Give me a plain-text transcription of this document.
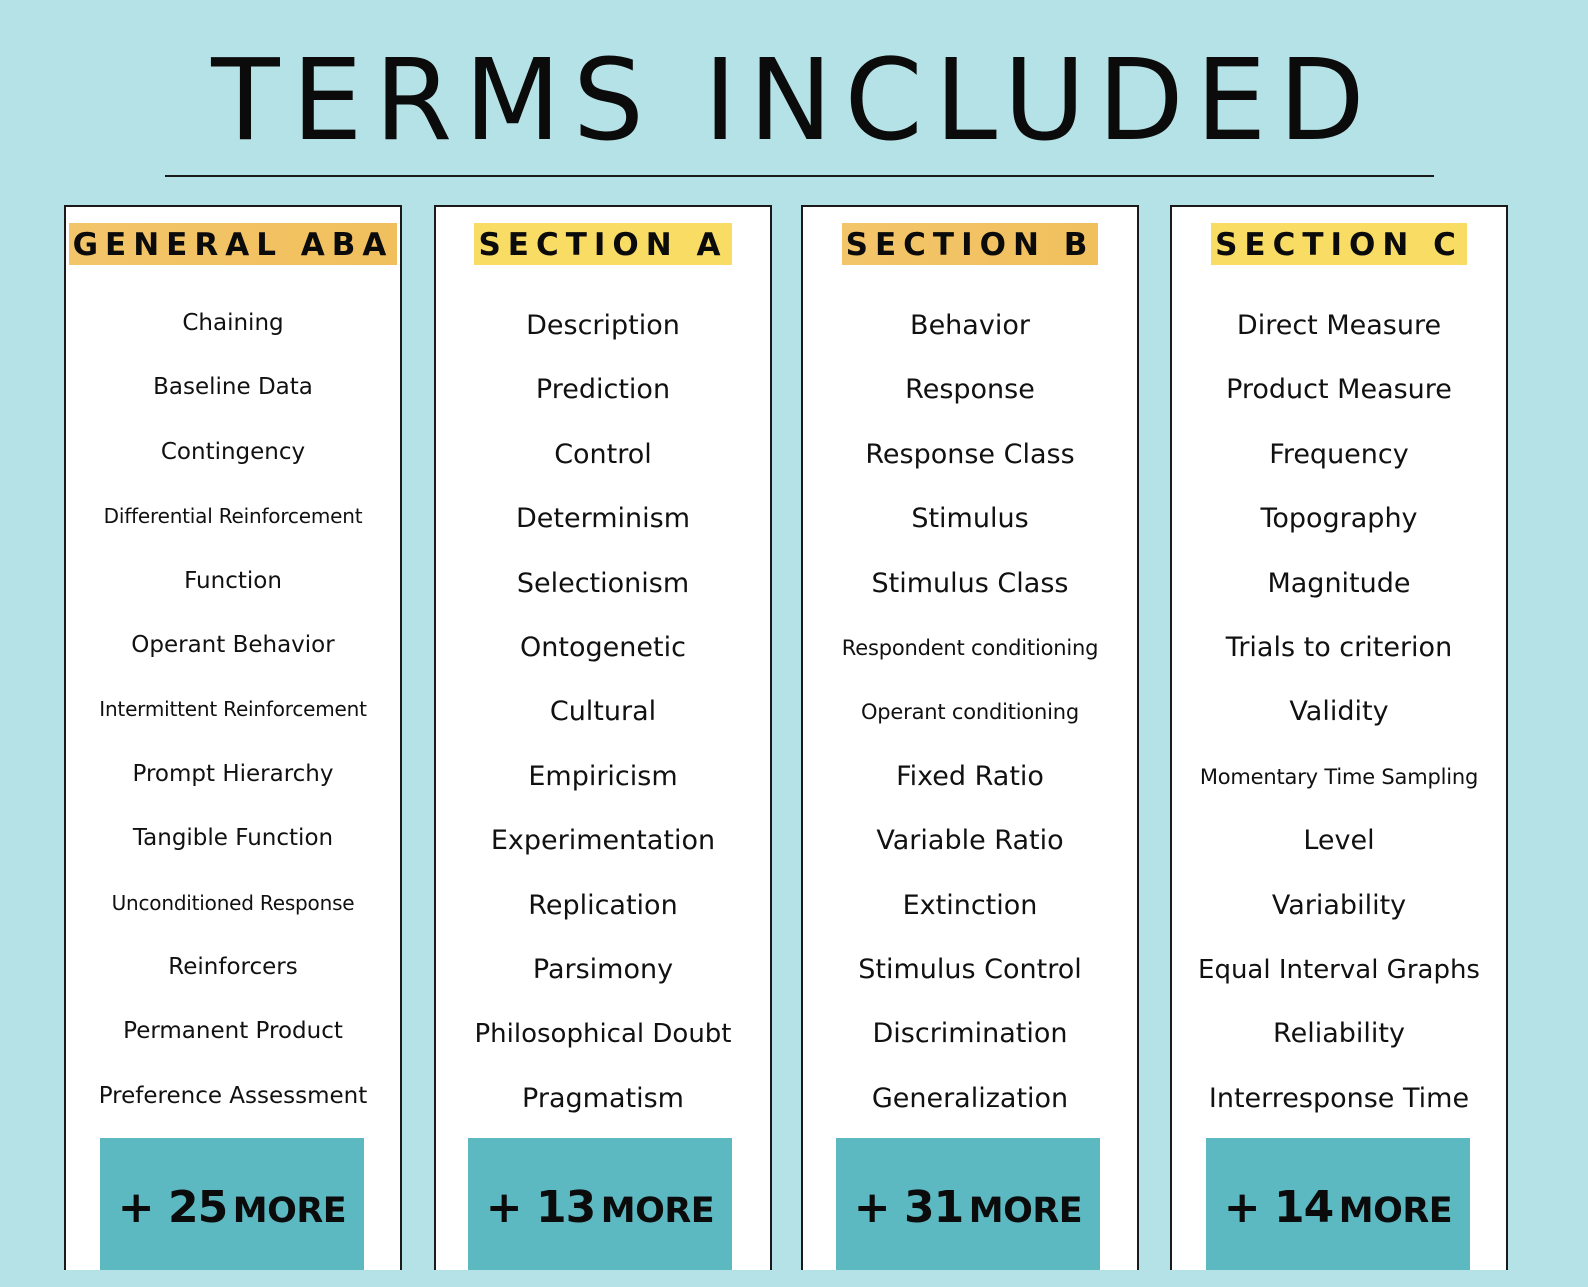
TERMS INCLUDED
GENERAL ABA
Chaining
Baseline Data
Contingency
Differential Reinforcement
Function
Operant Behavior
Intermittent Reinforcement
Prompt Hierarchy
Tangible Function
Unconditioned Response
Reinforcers
Permanent Product
Preference Assessment
SECTION A
Description
Prediction
Control
Determinism
Selectionism
Ontogenetic
Cultural
Empiricism
Experimentation
Replication
Parsimony
Philosophical Doubt
Pragmatism
SECTION B
Behavior
Response
Response Class
Stimulus
Stimulus Class
Respondent conditioning
Operant conditioning
Fixed Ratio
Variable Ratio
Extinction
Stimulus Control
Discrimination
Generalization
SECTION C
Direct Measure
Product Measure
Frequency
Topography
Magnitude
Trials to criterion
Validity
Momentary Time Sampling
Level
Variability
Equal Interval Graphs
Reliability
Interresponse Time
+ 25 MORE	+ 13 MORE	+ 31 MORE	+ 14 MORE
